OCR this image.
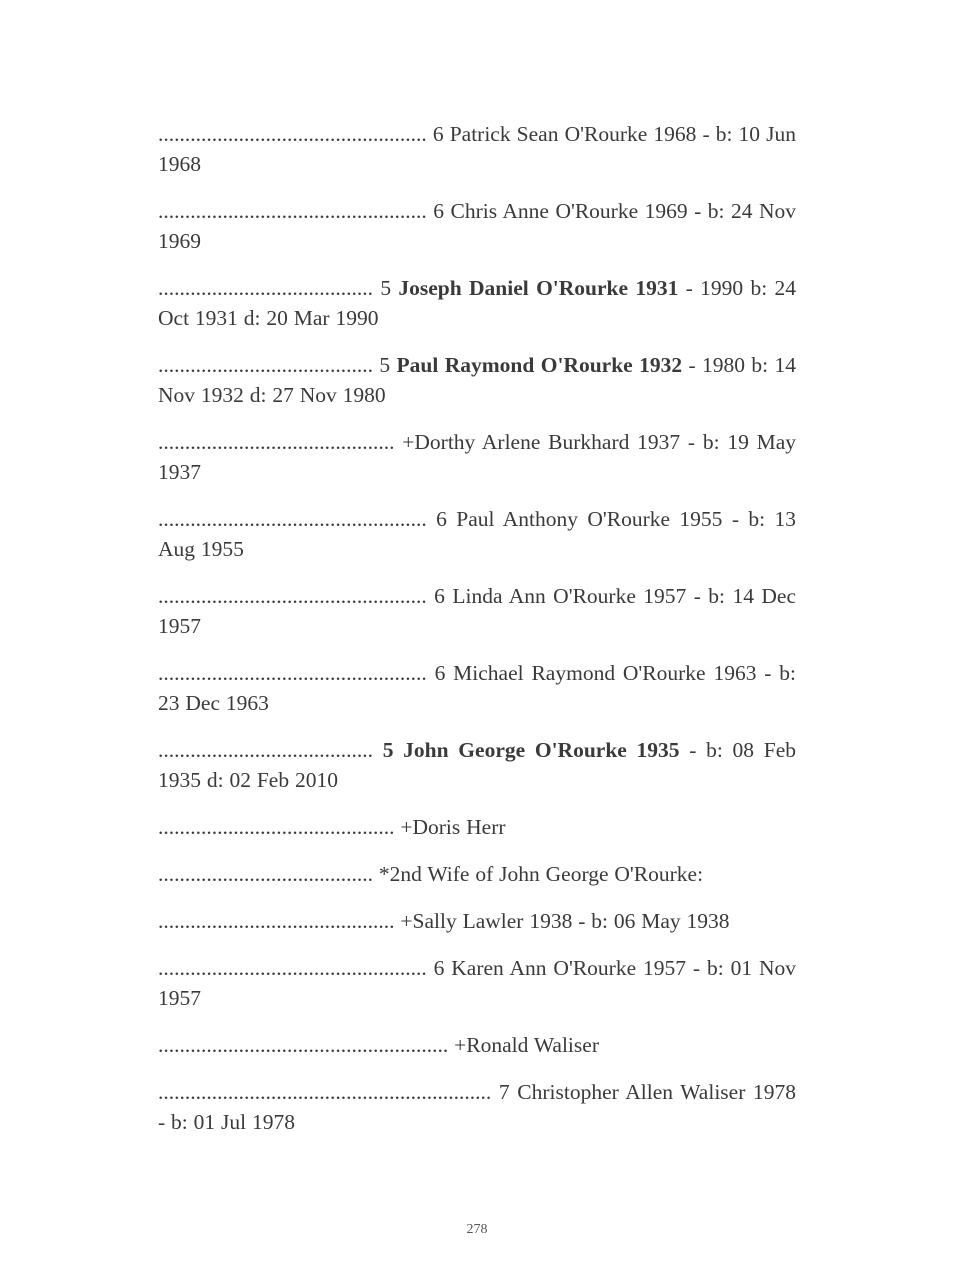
.................................................. 6 Patrick Sean O'Rourke 1968 - b: 10 Jun 1968

.................................................. 6 Chris Anne O'Rourke 1969 - b: 24 Nov 1969

........................................ 5 Joseph Daniel O'Rourke 1931 - 1990 b: 24 Oct 1931 d: 20 Mar 1990

........................................ 5 Paul Raymond O'Rourke 1932 - 1980 b: 14 Nov 1932 d: 27 Nov 1980

............................................ +Dorthy Arlene Burkhard 1937 - b: 19 May 1937

.................................................. 6 Paul Anthony O'Rourke 1955 - b: 13 Aug 1955

.................................................. 6 Linda Ann O'Rourke 1957 - b: 14 Dec 1957

.................................................. 6 Michael Raymond O'Rourke 1963 - b: 23 Dec 1963

........................................ 5 John George O'Rourke 1935 - b: 08 Feb 1935 d: 02 Feb 2010

............................................ +Doris Herr

........................................ *2nd Wife of John George O'Rourke:

............................................ +Sally Lawler 1938 - b: 06 May 1938

.................................................. 6 Karen Ann O'Rourke 1957 - b: 01 Nov 1957

...................................................... +Ronald Waliser

.............................................................. 7 Christopher Allen Waliser 1978 - b: 01 Jul 1978

278
